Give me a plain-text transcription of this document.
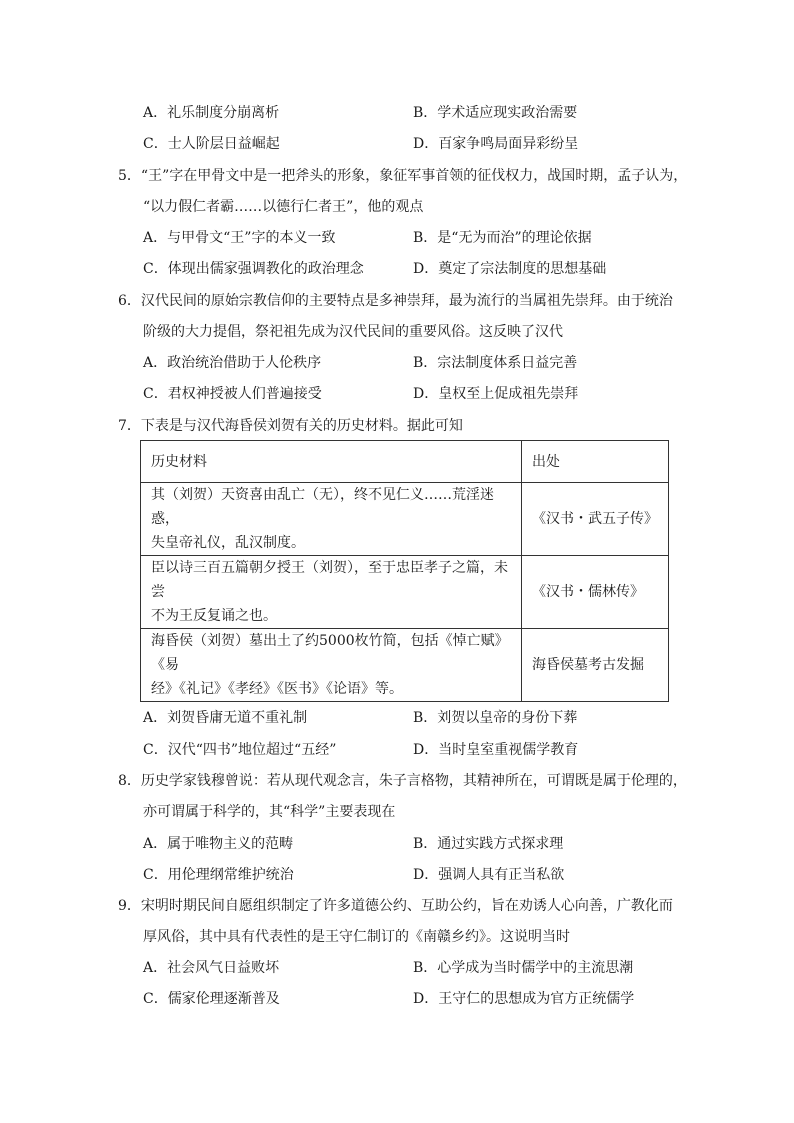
A．礼乐制度分崩离析	B．学术适应现实政治需要
C．士人阶层日益崛起	D．百家争鸣局面异彩纷呈
5．“王”字在甲骨文中是一把斧头的形象，象征军事首领的征伐权力，战国时期，孟子认为，
“以力假仁者霸……以德行仁者王”，他的观点
A．与甲骨文“王”字的本义一致	B．是“无为而治”的理论依据
C．体现出儒家强调教化的政治理念	D．奠定了宗法制度的思想基础
6．汉代民间的原始宗教信仰的主要特点是多神崇拜，最为流行的当属祖先崇拜。由于统治
阶级的大力提倡，祭祀祖先成为汉代民间的重要风俗。这反映了汉代
A．政治统治借助于人伦秩序	B．宗法制度体系日益完善
C．君权神授被人们普遍接受	D．皇权至上促成祖先崇拜
7．下表是与汉代海昏侯刘贺有关的历史材料。据此可知
历史材料	出处

其（刘贺）天资喜由乱亡（无），终不见仁义……荒淫迷惑，
失皇帝礼仪，乱汉制度。	《汉书・武五子传》

臣以诗三百五篇朝夕授王（刘贺），至于忠臣孝子之篇，未尝
不为王反复诵之也。	《汉书・儒林传》

海昏侯（刘贺）墓出土了约5000枚竹简，包括《悼亡赋》《易
经》《礼记》《孝经》《医书》《论语》等。	海昏侯墓考古发掘
A．刘贺昏庸无道不重礼制	B．刘贺以皇帝的身份下葬
C．汉代“四书”地位超过“五经”	D．当时皇室重视儒学教育
8．历史学家钱穆曾说：若从现代观念言，朱子言格物，其精神所在，可谓既是属于伦理的，
亦可谓属于科学的，其“科学”主要表现在
A．属于唯物主义的范畴	B．通过实践方式探求理
C．用伦理纲常维护统治	D．强调人具有正当私欲
9．宋明时期民间自愿组织制定了许多道德公约、互助公约，旨在劝诱人心向善，广教化而
厚风俗，其中具有代表性的是王守仁制订的《南赣乡约》。这说明当时
A．社会风气日益败坏	B．心学成为当时儒学中的主流思潮
C．儒家伦理逐渐普及	D．王守仁的思想成为官方正统儒学
